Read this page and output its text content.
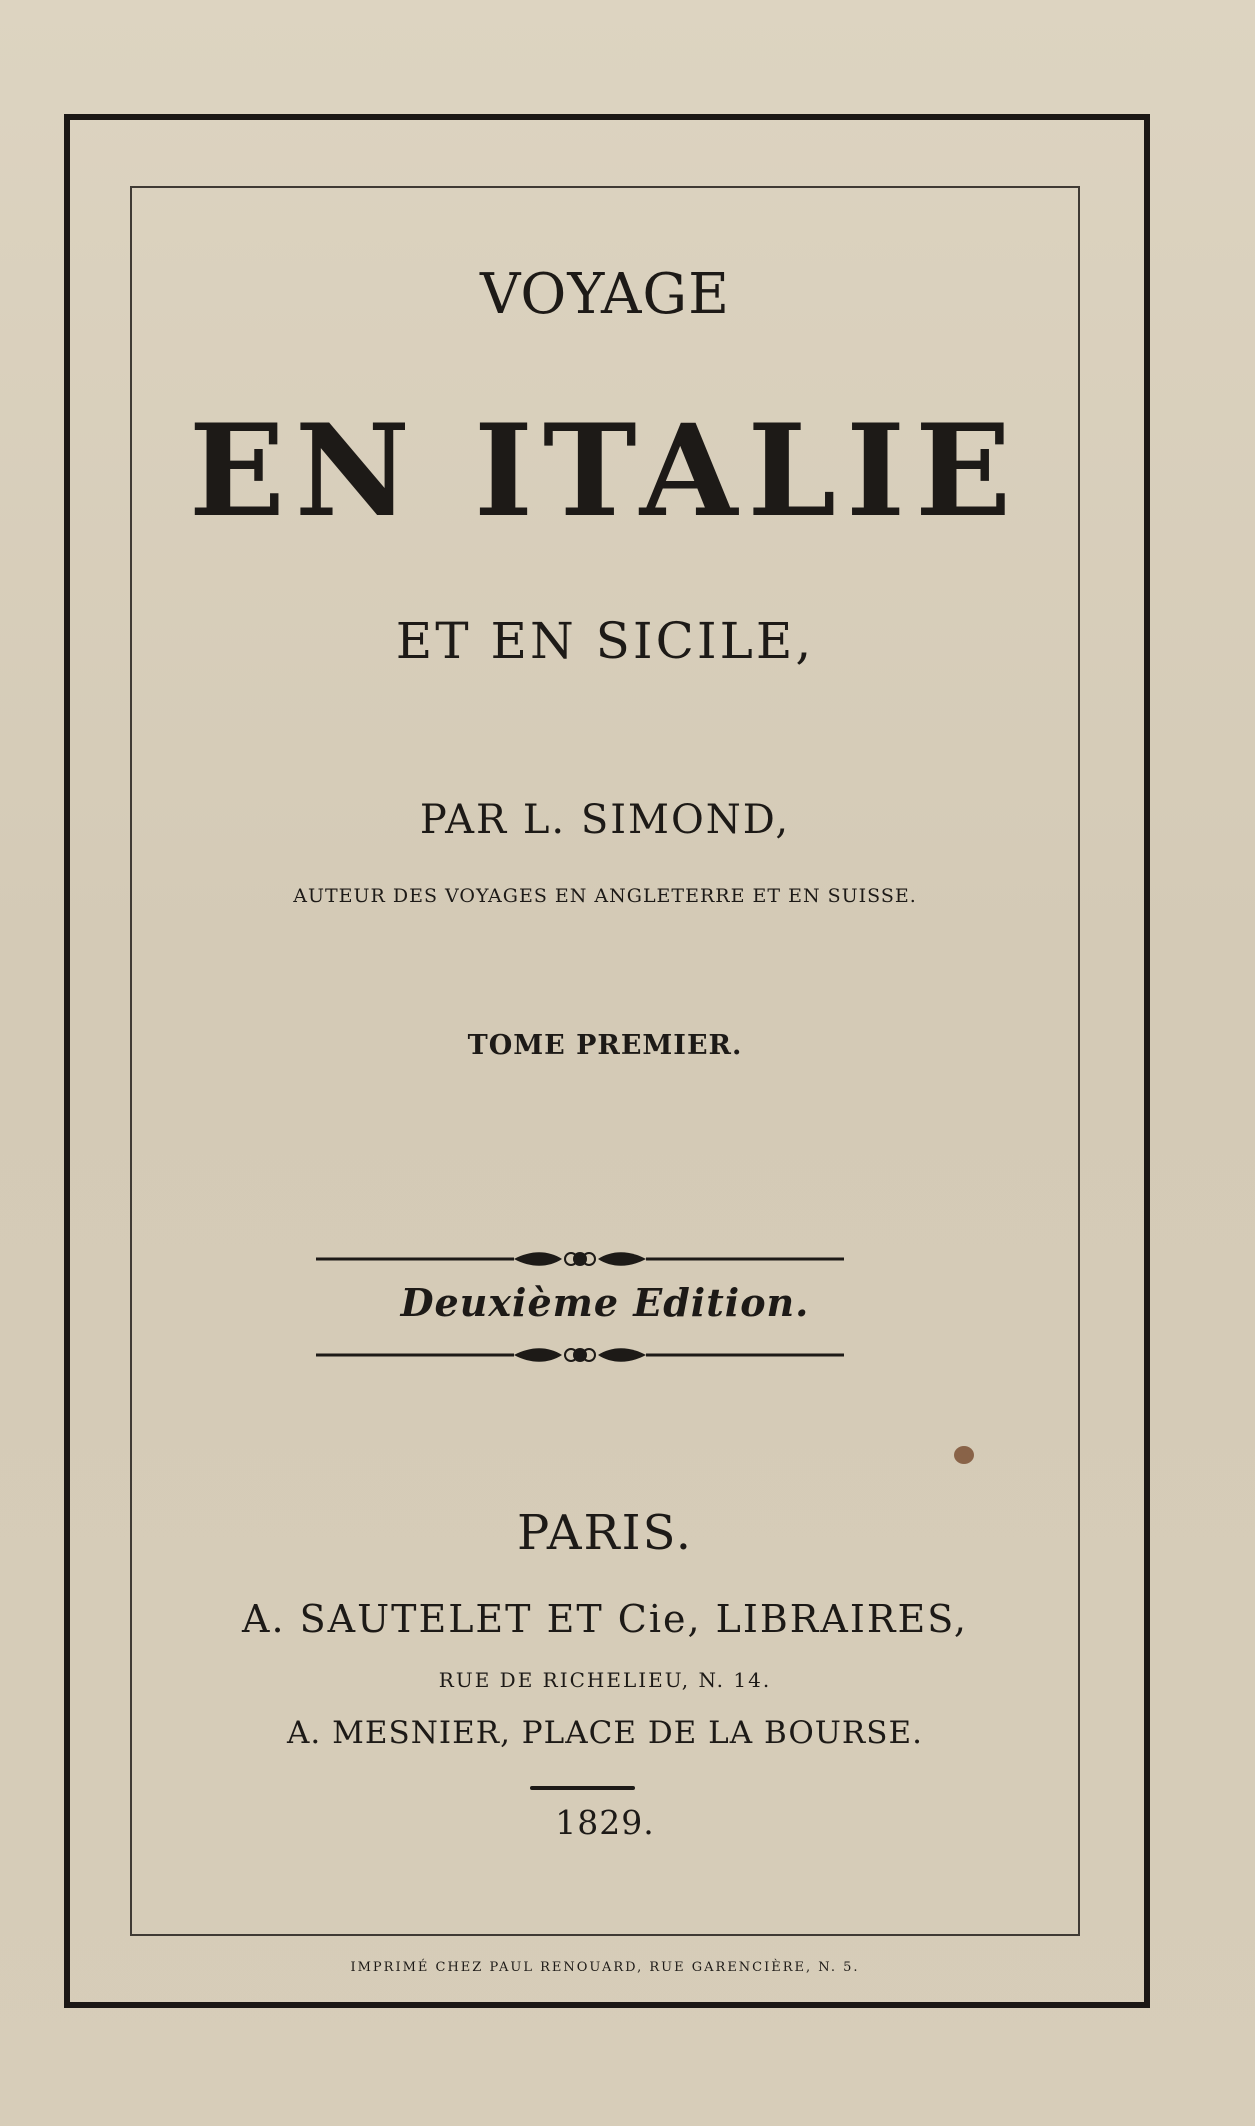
VOYAGE
EN ITALIE
ET EN SICILE,
PAR L. SIMOND,
AUTEUR DES VOYAGES EN ANGLETERRE ET EN SUISSE.
TOME PREMIER.
Deuxième Edition.
PARIS.
A. SAUTELET ET Cie, LIBRAIRES,
RUE DE RICHELIEU, N. 14.
A. MESNIER, PLACE DE LA BOURSE.
1829.
IMPRIMÉ CHEZ PAUL RENOUARD, RUE GARENCIÈRE, N. 5.
